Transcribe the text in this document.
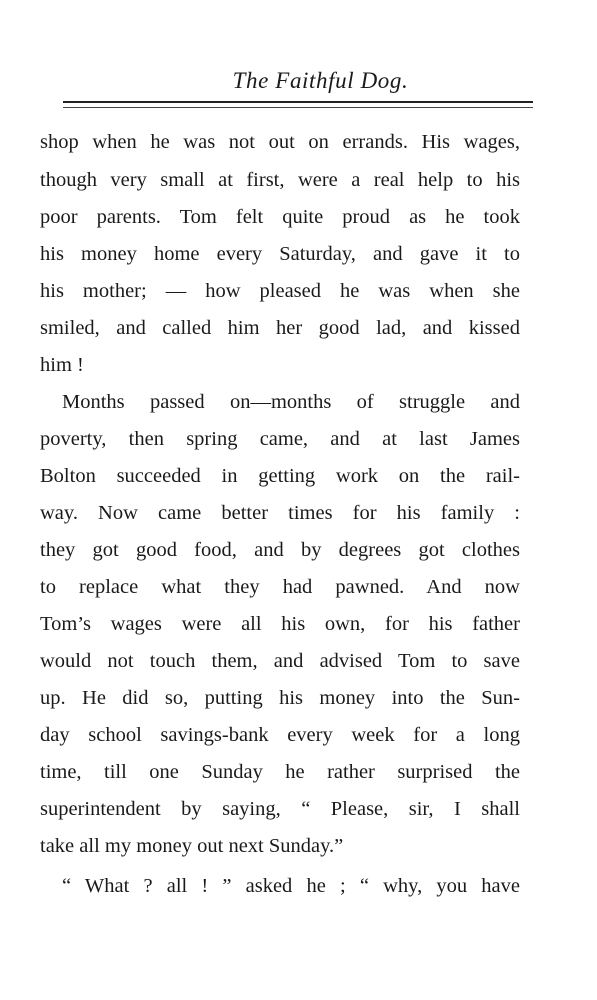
The Faithful Dog.
shop when he was not out on errands. His wages,
though very small at first, were a real help to his
poor parents. Tom felt quite proud as he took
his money home every Saturday, and gave it to
his mother; — how pleased he was when she
smiled, and called him her good lad, and kissed
him !
Months passed on—months of struggle and
poverty, then spring came, and at last James
Bolton succeeded in getting work on the rail-
way. Now came better times for his family :
they got good food, and by degrees got clothes
to replace what they had pawned. And now
Tom’s wages were all his own, for his father
would not touch them, and advised Tom to save
up. He did so, putting his money into the Sun-
day school savings-bank every week for a long
time, till one Sunday he rather surprised the
superintendent by saying, “ Please, sir, I shall
take all my money out next Sunday.”
“ What ? all ! ” asked he ; “ why, you have
